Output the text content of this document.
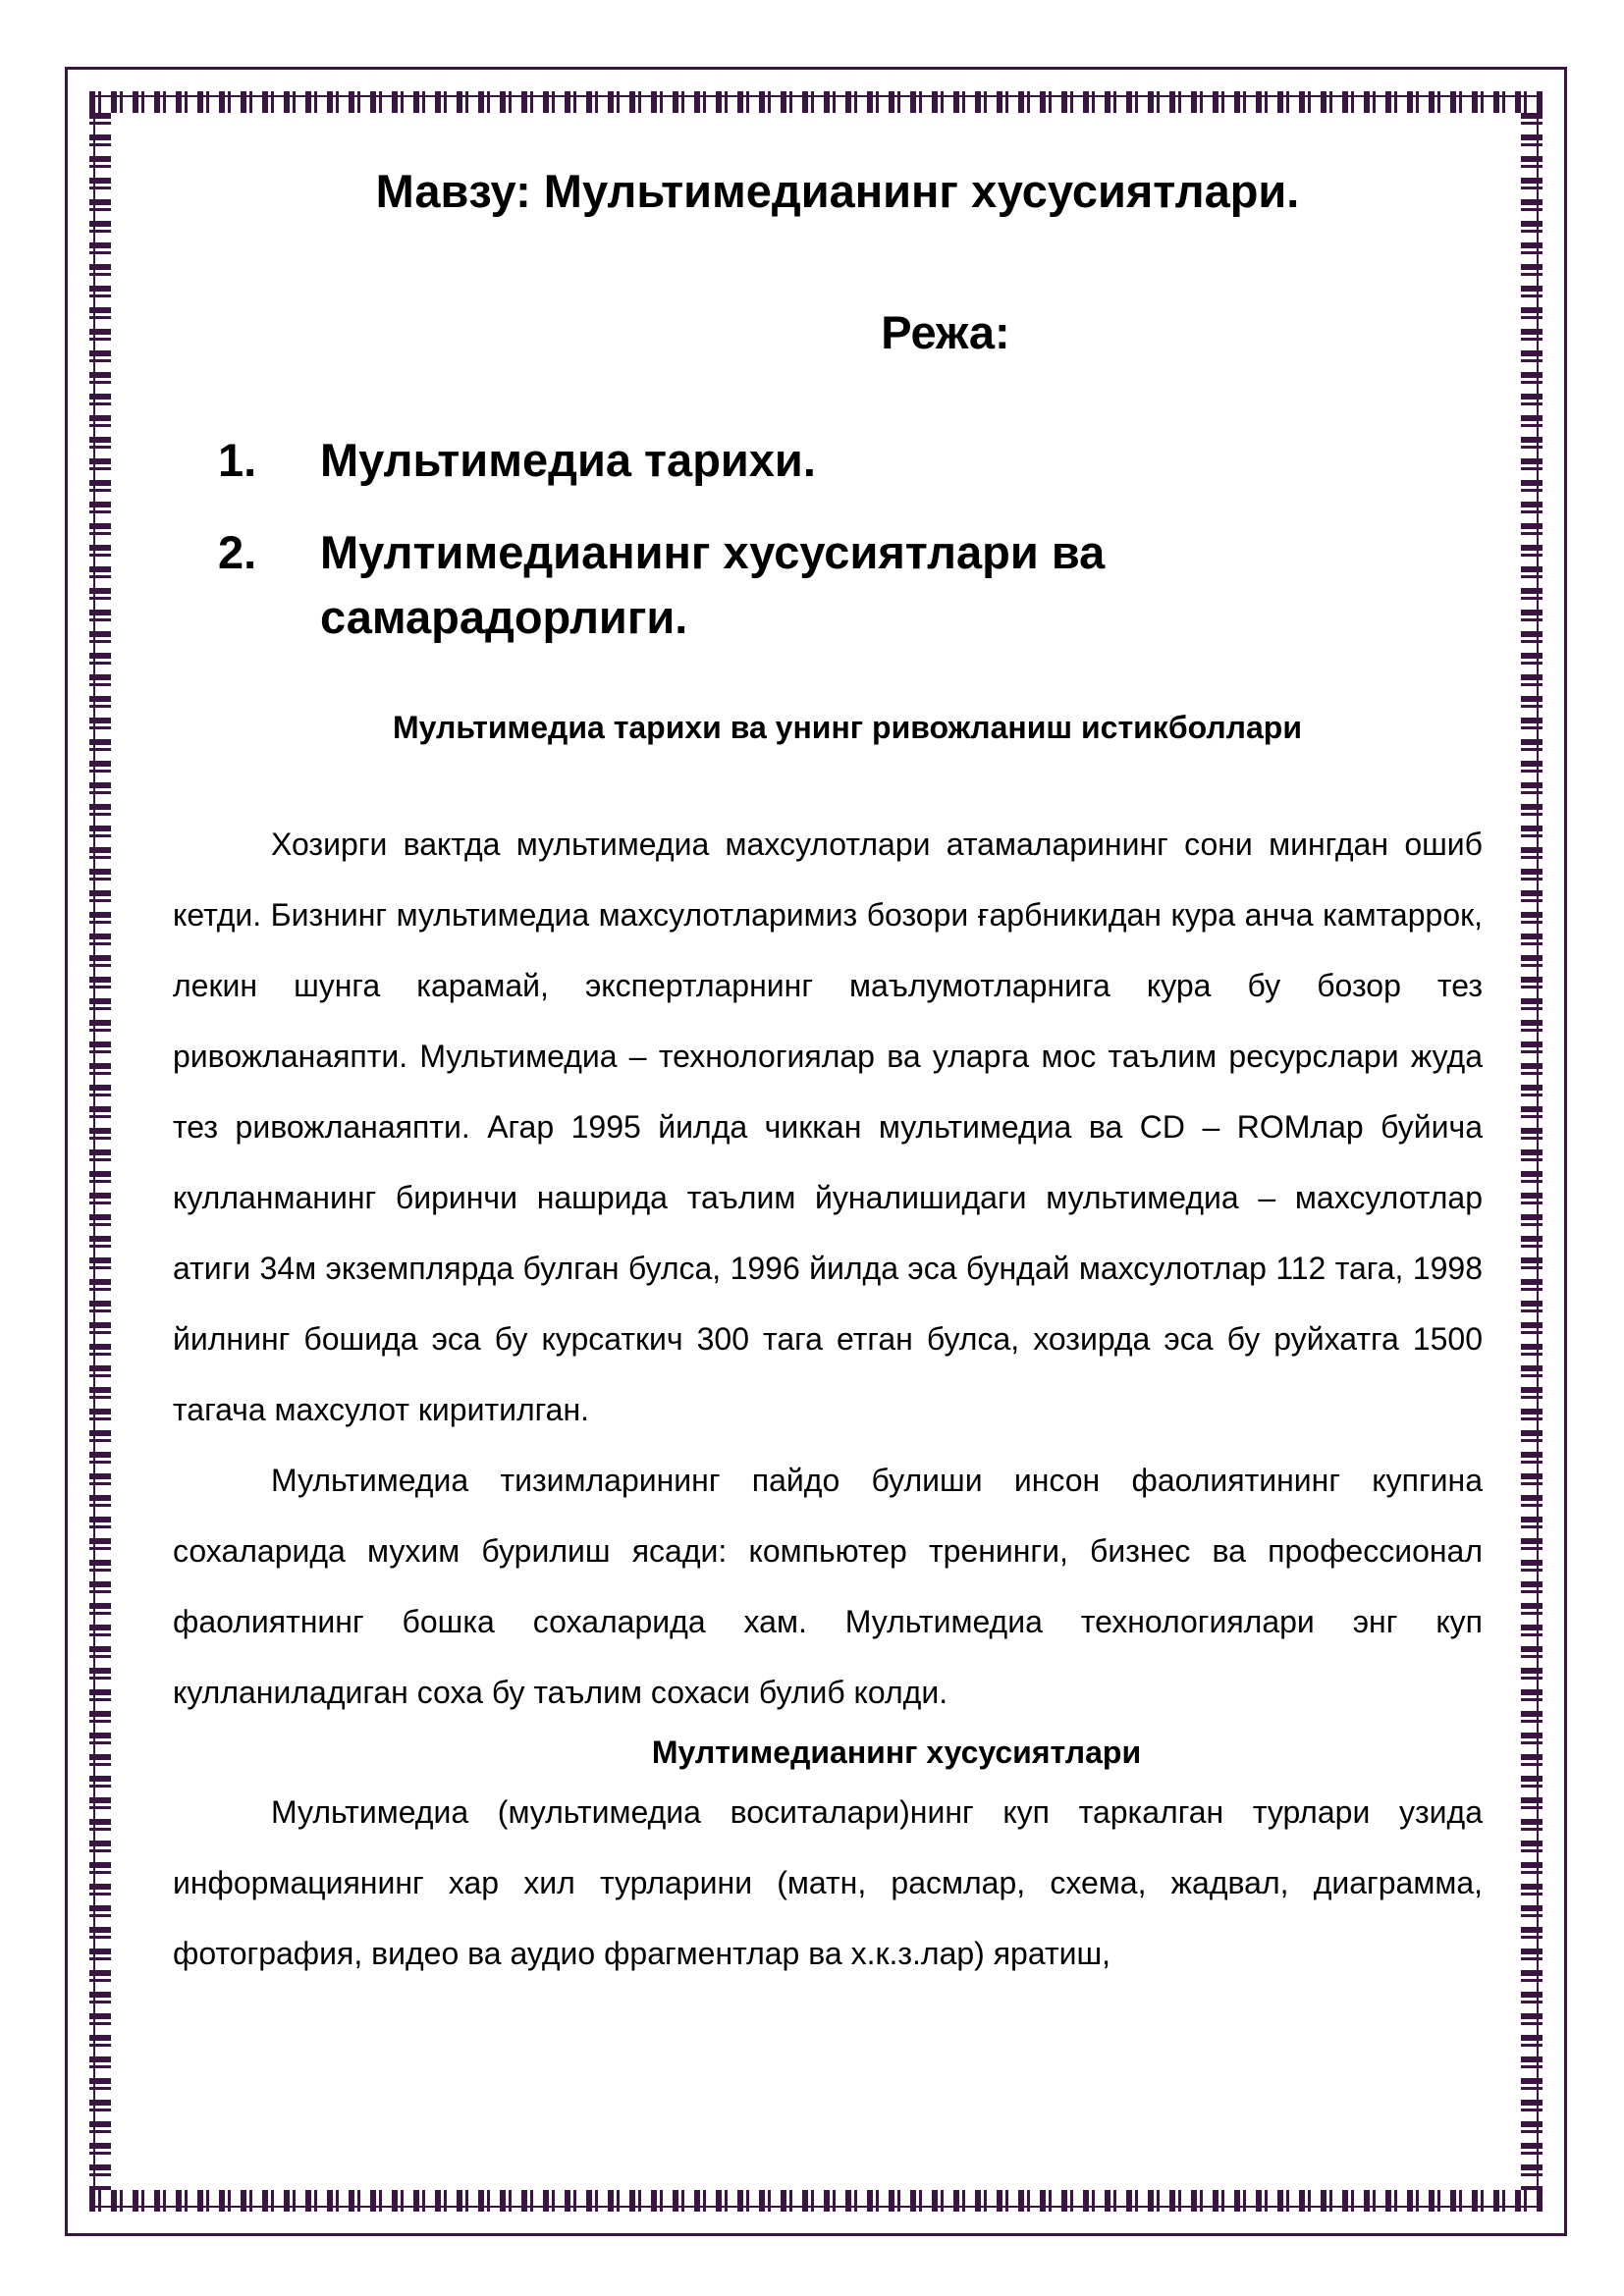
Мавзу: Мультимедианинг хусусиятлари.
Режа:
1. Мультимедиа тарихи.
2. Мултимедианинг хусусиятлари ва самарадорлиги.
Мультимедиа тарихи ва унинг ривожланиш истикболлари

Хозирги вактда мультимедиа махсулотлари атамаларининг сони мингдан ошиб кетди. Бизнинг мультимедиа махсулотларимиз бозори ғарбникидан кура анча камтаррок, лекин шунга карамай, экспертларнинг маълумотларнига кура бу бозор тез ривожланаяпти. Мультимедиа – технологиялар ва уларга мос таълим ресурслари жуда тез ривожланаяпти. Агар 1995 йилда чиккан мультимедиа ва CD – ROMлар буйича кулланманинг биринчи нашрида таълим йуналишидаги мультимедиа – махсулотлар атиги 34м экземплярда булган булса, 1996 йилда эса бундай махсулотлар 112 тага, 1998 йилнинг бошида эса бу курсаткич 300 тага етган булса, хозирда эса бу руйхатга 1500 тагача махсулот киритилган.

Мультимедиа тизимларининг пайдо булиши инсон фаолиятининг купгина сохаларида мухим бурилиш ясади: компьютер тренинги, бизнес ва профессионал фаолиятнинг бошка сохаларида хам. Мультимедиа технологиялари энг куп кулланиладиган соха бу таълим сохаси булиб колди.

Мултимедианинг хусусиятлари

Мультимедиа (мультимедиа воситалари)нинг куп таркалган турлари узида информациянинг хар хил турларини (матн, расмлар, схема, жадвал, диаграмма, фотография, видео ва аудио фрагментлар ва х.к.з.лар) яратиш,
